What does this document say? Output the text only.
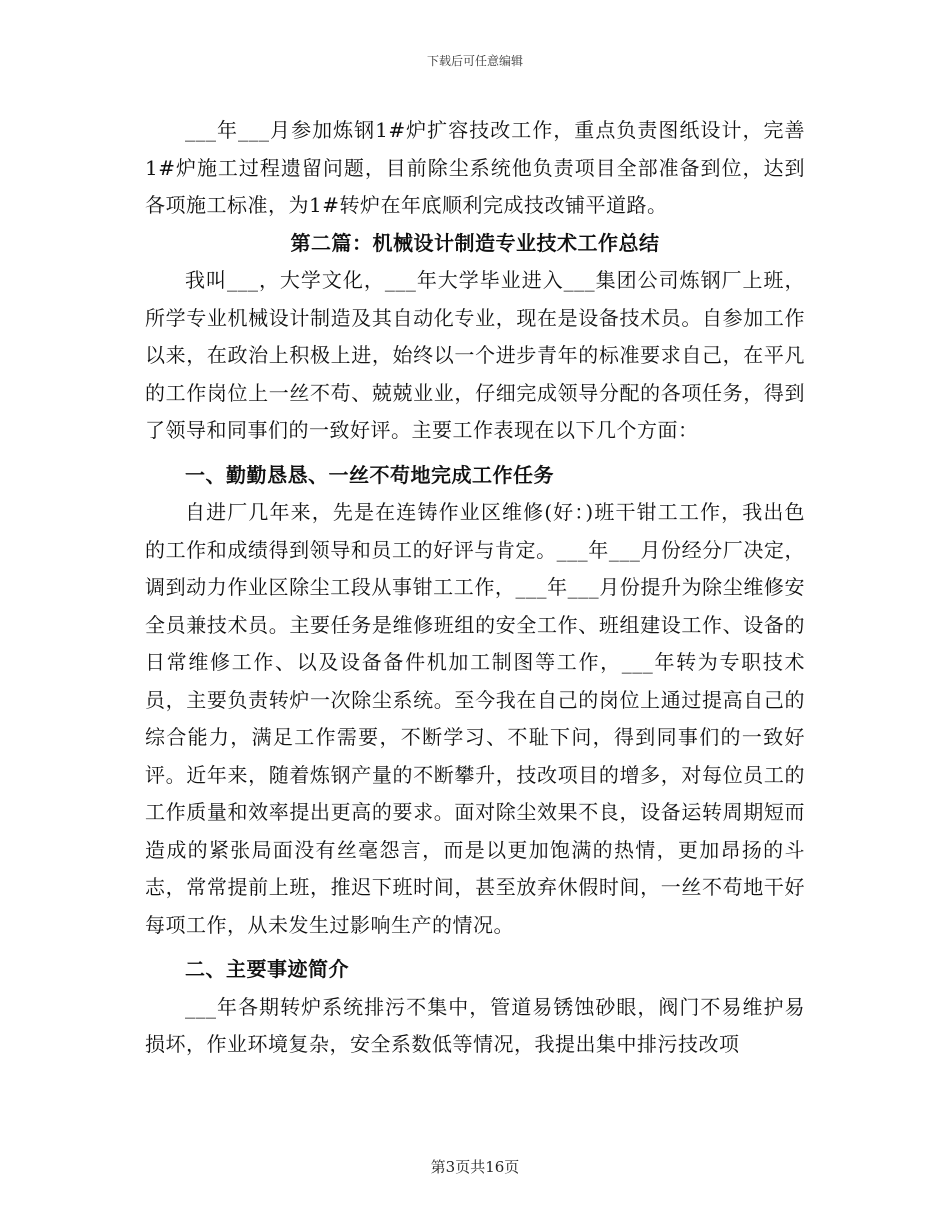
下载后可任意编辑

___年___月参加炼钢1#炉扩容技改工作，重点负责图纸设计，完善1#炉施工过程遗留问题，目前除尘系统他负责项目全部准备到位，达到各项施工标准，为1#转炉在年底顺利完成技改铺平道路。

第二篇：机械设计制造专业技术工作总结

我叫___，大学文化，___年大学毕业进入___集团公司炼钢厂上班，所学专业机械设计制造及其自动化专业，现在是设备技术员。自参加工作以来，在政治上积极上进，始终以一个进步青年的标准要求自己，在平凡的工作岗位上一丝不苟、兢兢业业，仔细完成领导分配的各项任务，得到了领导和同事们的一致好评。主要工作表现在以下几个方面：

一、勤勤恳恳、一丝不苟地完成工作任务

自进厂几年来，先是在连铸作业区维修(好：)班干钳工工作，我出色的工作和成绩得到领导和员工的好评与肯定。___年___月份经分厂决定，调到动力作业区除尘工段从事钳工工作，___年___月份提升为除尘维修安全员兼技术员。主要任务是维修班组的安全工作、班组建设工作、设备的日常维修工作、以及设备备件机加工制图等工作，___年转为专职技术员，主要负责转炉一次除尘系统。至今我在自己的岗位上通过提高自己的综合能力，满足工作需要，不断学习、不耻下问，得到同事们的一致好评。近年来，随着炼钢产量的不断攀升，技改项目的增多，对每位员工的工作质量和效率提出更高的要求。面对除尘效果不良，设备运转周期短而造成的紧张局面没有丝毫怨言，而是以更加饱满的热情，更加昂扬的斗志，常常提前上班，推迟下班时间，甚至放弃休假时间，一丝不苟地干好每项工作，从未发生过影响生产的情况。

二、主要事迹简介

___年各期转炉系统排污不集中，管道易锈蚀砂眼，阀门不易维护易损坏，作业环境复杂，安全系数低等情况，我提出集中排污技改项

第3页共16页
